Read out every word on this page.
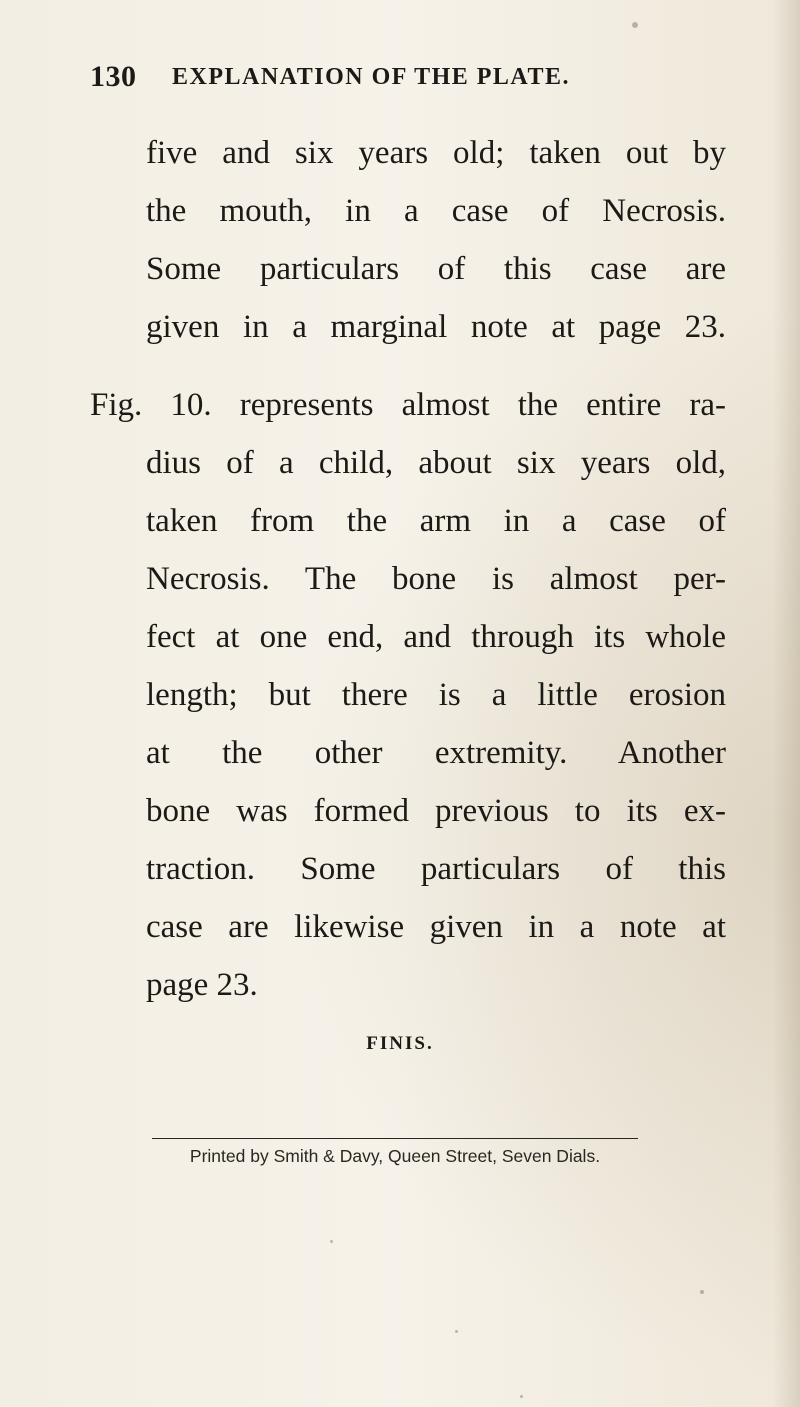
130 EXPLANATION OF THE PLATE.
five and six years old; taken out by
the mouth, in a case of Necrosis.
Some particulars of this case are
given in a marginal note at page 23.
Fig. 10. represents almost the entire ra-
dius of a child, about six years old,
taken from the arm in a case of
Necrosis. The bone is almost per-
fect at one end, and through its whole
length; but there is a little erosion
at the other extremity. Another
bone was formed previous to its ex-
traction. Some particulars of this
case are likewise given in a note at
page 23.
FINIS.
Printed by Smith & Davy, Queen Street, Seven Dials.
